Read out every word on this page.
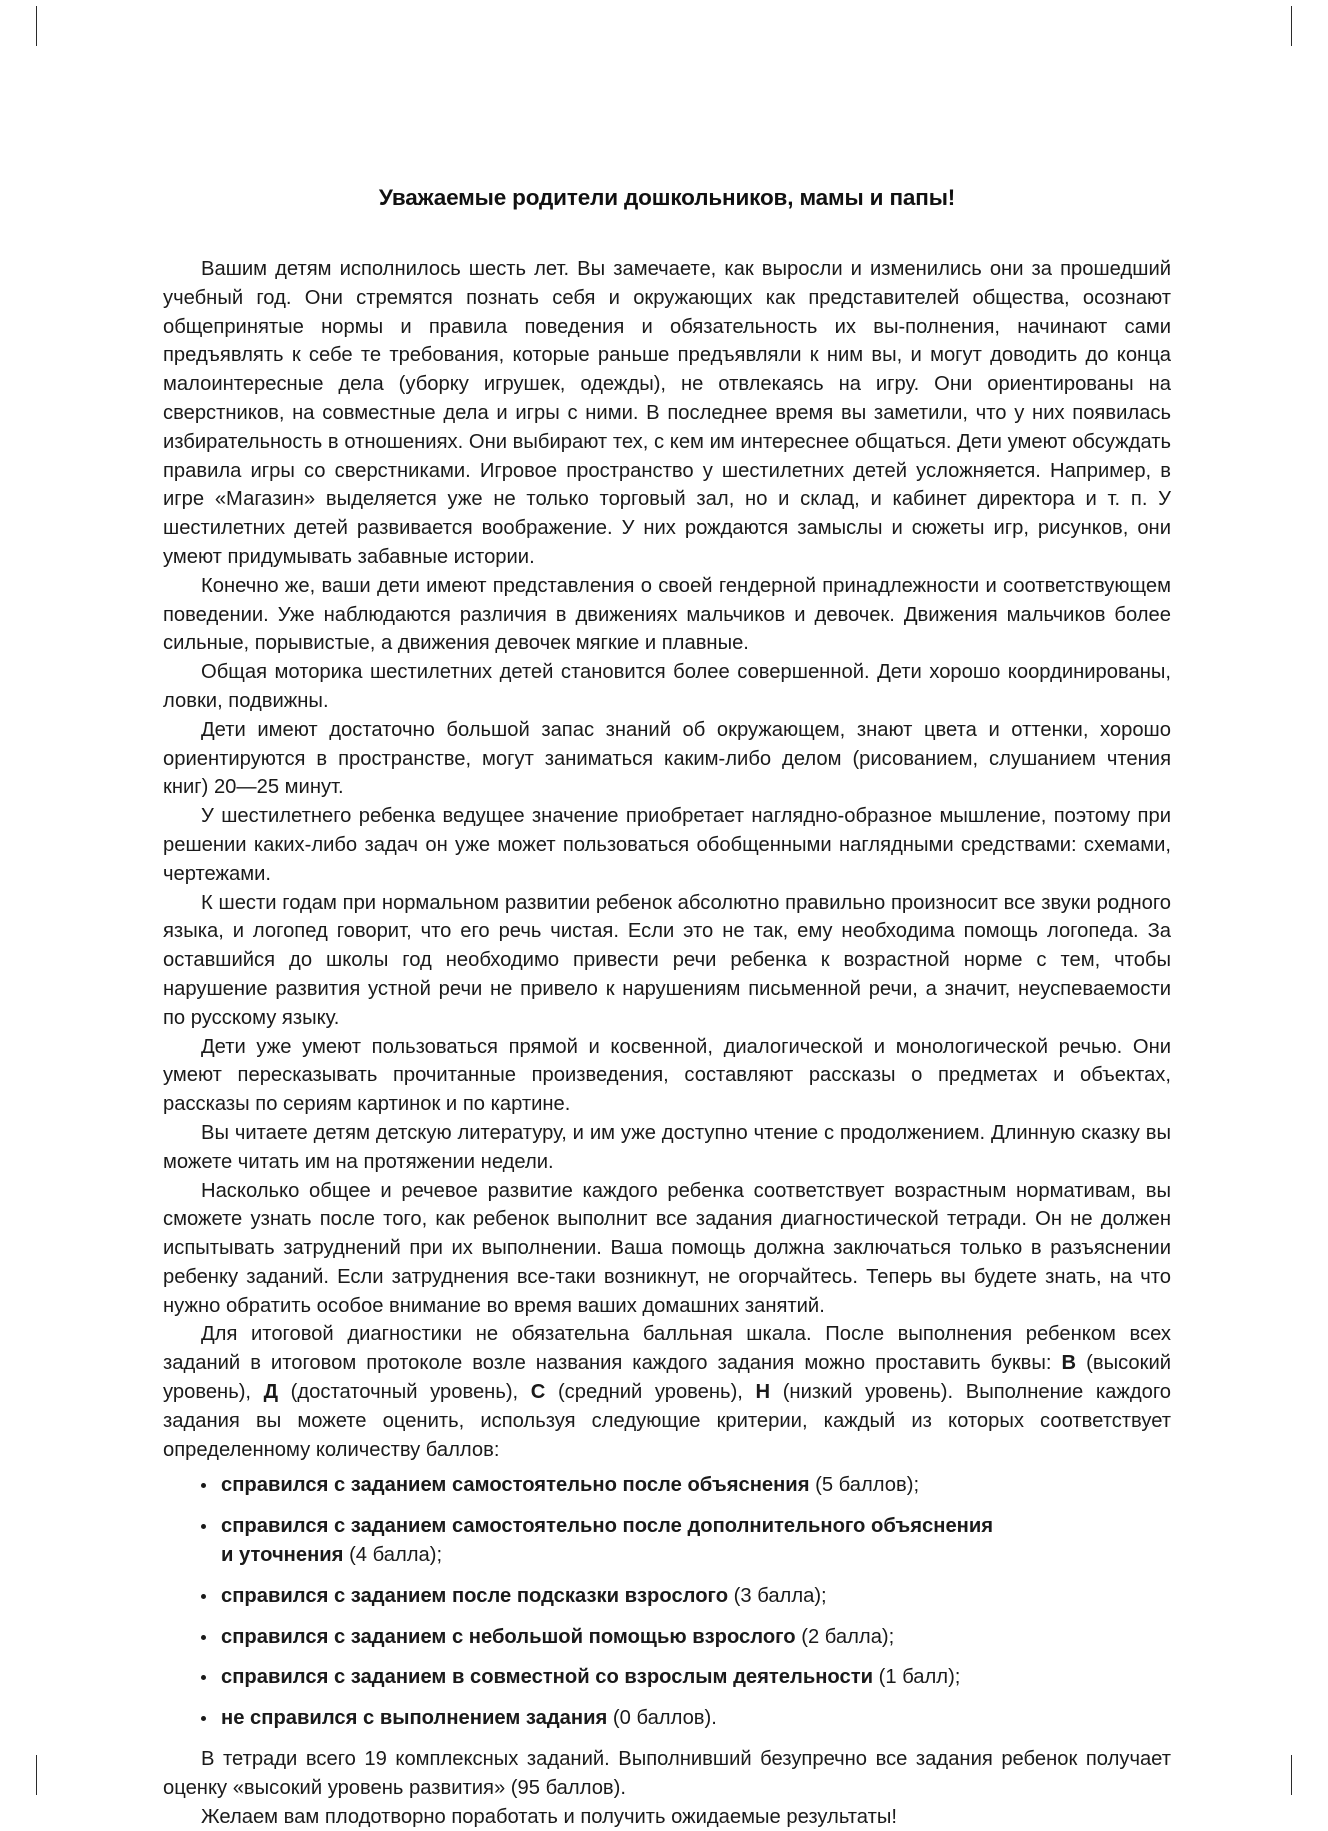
Уважаемые родители дошкольников, мамы и папы!

Вашим детям исполнилось шесть лет. Вы замечаете, как выросли и изменились они за прошедший учебный год. Они стремятся познать себя и окружающих как представителей общества, осознают общепринятые нормы и правила поведения и обязательность их вы-полнения, начинают сами предъявлять к себе те требования, которые раньше предъявляли к ним вы, и могут доводить до конца малоинтересные дела (уборку игрушек, одежды), не отвлекаясь на игру. Они ориентированы на сверстников, на совместные дела и игры с ними. В последнее время вы заметили, что у них появилась избирательность в отношениях. Они выбирают тех, с кем им интереснее общаться. Дети умеют обсуждать правила игры со сверстниками. Игровое пространство у шестилетних детей усложняется. Например, в игре «Магазин» выделяется уже не только торговый зал, но и склад, и кабинет директора и т. п. У шестилетних детей развивается воображение. У них рождаются замыслы и сюжеты игр, рисунков, они умеют придумывать забавные истории.

Конечно же, ваши дети имеют представления о своей гендерной принадлежности и соответствующем поведении. Уже наблюдаются различия в движениях мальчиков и девочек. Движения мальчиков более сильные, порывистые, а движения девочек мягкие и плавные.

Общая моторика шестилетних детей становится более совершенной. Дети хорошо координированы, ловки, подвижны.

Дети имеют достаточно большой запас знаний об окружающем, знают цвета и оттенки, хорошо ориентируются в пространстве, могут заниматься каким-либо делом (рисованием, слушанием чтения книг) 20—25 минут.

У шестилетнего ребенка ведущее значение приобретает наглядно-образное мышление, поэтому при решении каких-либо задач он уже может пользоваться обобщенными наглядными средствами: схемами, чертежами.

К шести годам при нормальном развитии ребенок абсолютно правильно произносит все звуки родного языка, и логопед говорит, что его речь чистая. Если это не так, ему необходима помощь логопеда. За оставшийся до школы год необходимо привести речи ребенка к возрастной норме с тем, чтобы нарушение развития устной речи не привело к нарушениям письменной речи, а значит, неуспеваемости по русскому языку.

Дети уже умеют пользоваться прямой и косвенной, диалогической и монологической речью. Они умеют пересказывать прочитанные произведения, составляют рассказы о предметах и объектах, рассказы по сериям картинок и по картине.

Вы читаете детям детскую литературу, и им уже доступно чтение с продолжением. Длинную сказку вы можете читать им на протяжении недели.

Насколько общее и речевое развитие каждого ребенка соответствует возрастным нормативам, вы сможете узнать после того, как ребенок выполнит все задания диагностической тетради. Он не должен испытывать затруднений при их выполнении. Ваша помощь должна заключаться только в разъяснении ребенку заданий. Если затруднения все-таки возникнут, не огорчайтесь. Теперь вы будете знать, на что нужно обратить особое внимание во время ваших домашних занятий.

Для итоговой диагностики не обязательна балльная шкала. После выполнения ребенком всех заданий в итоговом протоколе возле названия каждого задания можно проставить буквы: В (высокий уровень), Д (достаточный уровень), С (средний уровень), Н (низкий уровень). Выполнение каждого задания вы можете оценить, используя следующие критерии, каждый из которых соответствует определенному количеству баллов:

справился с заданием самостоятельно после объяснения (5 баллов);
справился с заданием самостоятельно после дополнительного объяснения
и уточнения (4 балла);
справился с заданием после подсказки взрослого (3 балла);
справился с заданием с небольшой помощью взрослого (2 балла);
справился с заданием в совместной со взрослым деятельности (1 балл);
не справился с выполнением задания (0 баллов).

В тетради всего 19 комплексных заданий. Выполнивший безупречно все задания ребенок получает оценку «высокий уровень развития» (95 баллов).

Желаем вам плодотворно поработать и получить ожидаемые результаты!
